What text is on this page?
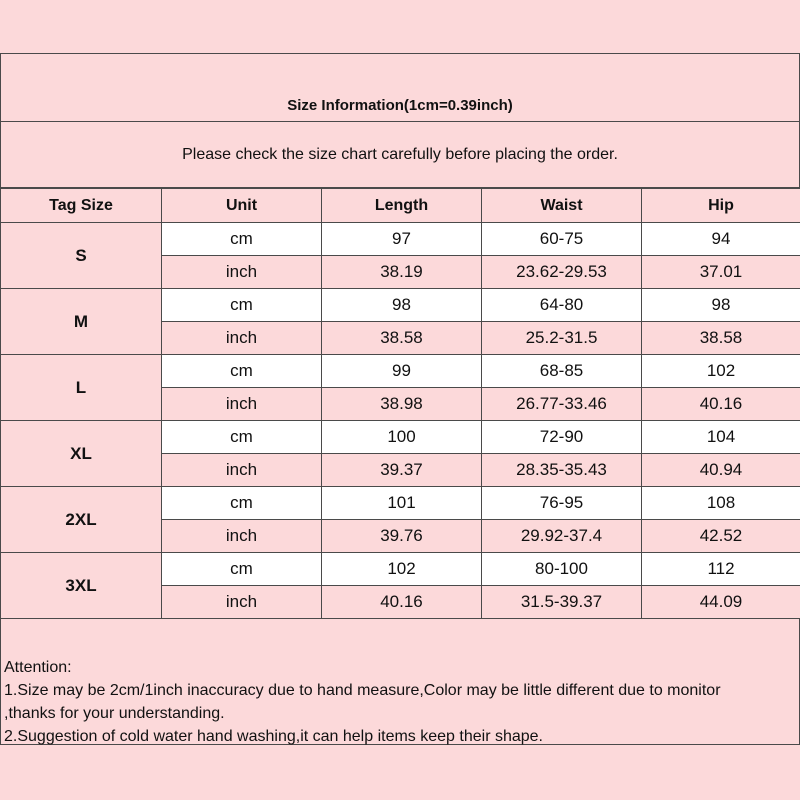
Size Information(1cm=0.39inch)
Please check the size chart carefully before placing the order.
Tag Size	Unit	Length	Waist	Hip
S	cm	97	60-75	94
	inch	38.19	23.62-29.53	37.01
M	cm	98	64-80	98
	inch	38.58	25.2-31.5	38.58
L	cm	99	68-85	102
	inch	38.98	26.77-33.46	40.16
XL	cm	100	72-90	104
	inch	39.37	28.35-35.43	40.94
2XL	cm	101	76-95	108
	inch	39.76	29.92-37.4	42.52
3XL	cm	102	80-100	112
	inch	40.16	31.5-39.37	44.09
Attention:
1.Size may be 2cm/1inch inaccuracy due to hand measure,Color may be little different due to monitor
,thanks for your understanding.
2.Suggestion of cold water hand washing,it can help items keep their shape.
